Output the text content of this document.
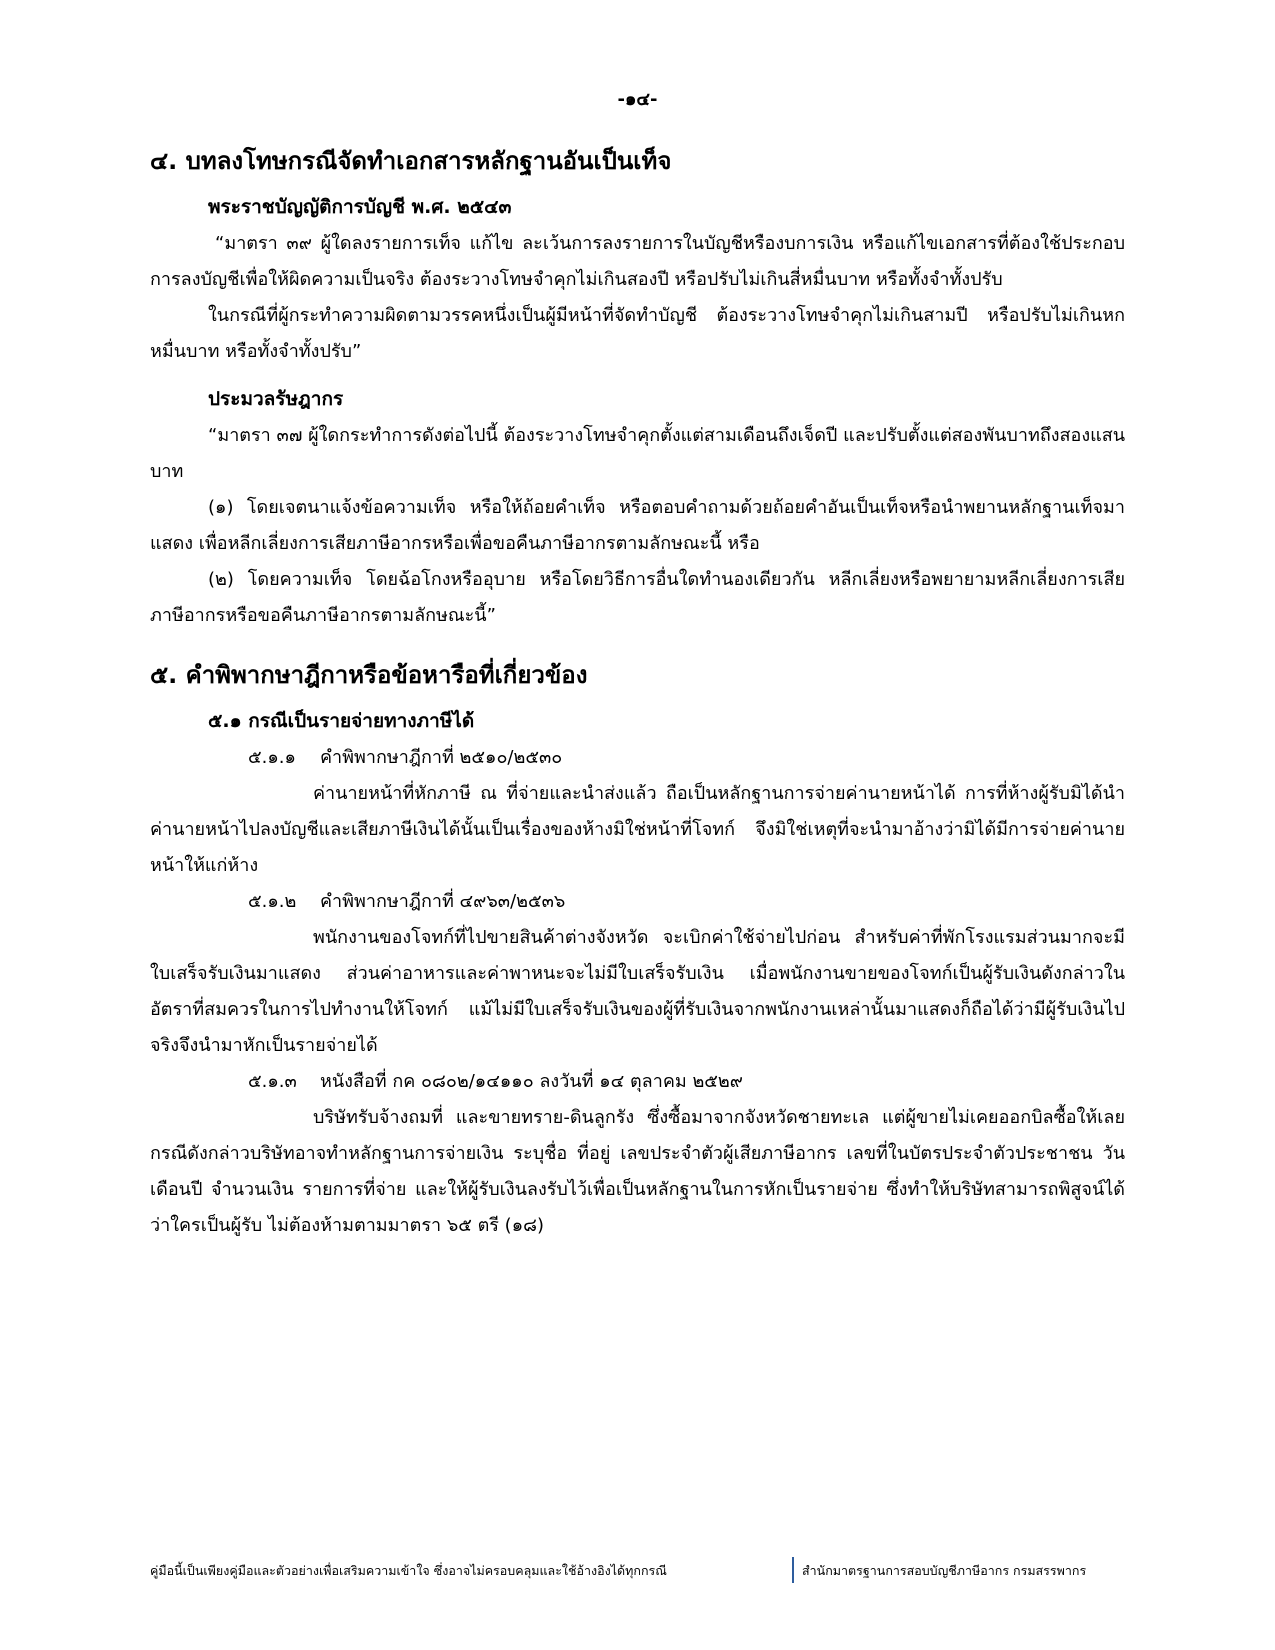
-๑๔-
๔. บทลงโทษกรณีจัดทำเอกสารหลักฐานอันเป็นเท็จ
พระราชบัญญัติการบัญชี พ.ศ. ๒๕๔๓

“มาตรา ๓๙ ผู้ใดลงรายการเท็จ แก้ไข ละเว้นการลงรายการในบัญชีหรืองบการเงิน หรือแก้ไขเอกสารที่ต้องใช้ประกอบการลงบัญชีเพื่อให้ผิดความเป็นจริง ต้องระวางโทษจำคุกไม่เกินสองปี หรือปรับไม่เกินสี่หมื่นบาท หรือทั้งจำทั้งปรับ

ในกรณีที่ผู้กระทำความผิดตามวรรคหนึ่งเป็นผู้มีหน้าที่จัดทำบัญชี ต้องระวางโทษจำคุกไม่เกินสามปี หรือปรับไม่เกินหกหมื่นบาท หรือทั้งจำทั้งปรับ”

ประมวลรัษฎากร

“มาตรา ๓๗ ผู้ใดกระทำการดังต่อไปนี้ ต้องระวางโทษจำคุกตั้งแต่สามเดือนถึงเจ็ดปี และปรับตั้งแต่สองพันบาทถึงสองแสนบาท

(๑) โดยเจตนาแจ้งข้อความเท็จ หรือให้ถ้อยคำเท็จ หรือตอบคำถามด้วยถ้อยคำอันเป็นเท็จหรือนำพยานหลักฐานเท็จมาแสดง เพื่อหลีกเลี่ยงการเสียภาษีอากรหรือเพื่อขอคืนภาษีอากรตามลักษณะนี้ หรือ

(๒) โดยความเท็จ โดยฉ้อโกงหรืออุบาย หรือโดยวิธีการอื่นใดทำนองเดียวกัน หลีกเลี่ยงหรือพยายามหลีกเลี่ยงการเสียภาษีอากรหรือขอคืนภาษีอากรตามลักษณะนี้”

๕. คำพิพากษาฎีกาหรือข้อหารือที่เกี่ยวข้อง
๕.๑ กรณีเป็นรายจ่ายทางภาษีได้
๕.๑.๑ คำพิพากษาฎีกาที่ ๒๕๑๐/๒๕๓๐

ค่านายหน้าที่หักภาษี ณ ที่จ่ายและนำส่งแล้ว ถือเป็นหลักฐานการจ่ายค่านายหน้าได้ การที่ห้างผู้รับมิได้นำค่านายหน้าไปลงบัญชีและเสียภาษีเงินได้นั้นเป็นเรื่องของห้างมิใช่หน้าที่โจทก์ จึงมิใช่เหตุที่จะนำมาอ้างว่ามิได้มีการจ่ายค่านายหน้าให้แก่ห้าง

๕.๑.๒ คำพิพากษาฎีกาที่ ๔๙๖๓/๒๕๓๖

พนักงานของโจทก์ที่ไปขายสินค้าต่างจังหวัด จะเบิกค่าใช้จ่ายไปก่อน สำหรับค่าที่พักโรงแรมส่วนมากจะมีใบเสร็จรับเงินมาแสดง ส่วนค่าอาหารและค่าพาหนะจะไม่มีใบเสร็จรับเงิน เมื่อพนักงานขายของโจทก์เป็นผู้รับเงินดังกล่าวในอัตราที่สมควรในการไปทำงานให้โจทก์ แม้ไม่มีใบเสร็จรับเงินของผู้ที่รับเงินจากพนักงานเหล่านั้นมาแสดงก็ถือได้ว่ามีผู้รับเงินไปจริงจึงนำมาหักเป็นรายจ่ายได้

๕.๑.๓ หนังสือที่ กค ๐๘๐๒/๑๔๑๑๐ ลงวันที่ ๑๔ ตุลาคม ๒๕๒๙

บริษัทรับจ้างถมที่ และขายทราย-ดินลูกรัง ซึ่งซื้อมาจากจังหวัดชายทะเล แต่ผู้ขายไม่เคยออกบิลซื้อให้เลย กรณีดังกล่าวบริษัทอาจทำหลักฐานการจ่ายเงิน ระบุชื่อ ที่อยู่ เลขประจำตัวผู้เสียภาษีอากร เลขที่ในบัตรประจำตัวประชาชน วันเดือนปี จำนวนเงิน รายการที่จ่าย และให้ผู้รับเงินลงรับไว้เพื่อเป็นหลักฐานในการหักเป็นรายจ่าย ซึ่งทำให้บริษัทสามารถพิสูจน์ได้ว่าใครเป็นผู้รับ ไม่ต้องห้ามตามมาตรา ๖๕ ตรี (๑๘)

คู่มือนี้เป็นเพียงคู่มือและตัวอย่างเพื่อเสริมความเข้าใจ ซึ่งอาจไม่ครอบคลุมและใช้อ้างอิงได้ทุกกรณี	สำนักมาตรฐานการสอบบัญชีภาษีอากร กรมสรรพากร
